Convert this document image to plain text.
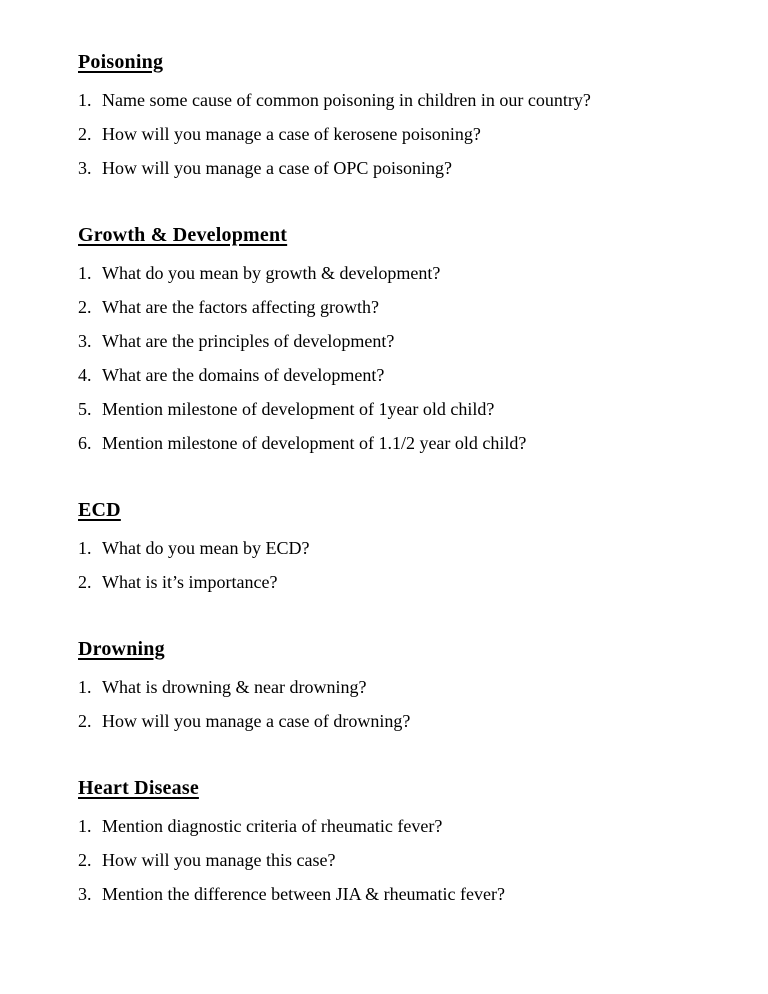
Poisoning
1. Name some cause of common poisoning in children in our country?
2. How will you manage a case of kerosene poisoning?
3. How will you manage a case of OPC poisoning?
Growth & Development
1. What do you mean by growth & development?
2. What are the factors affecting growth?
3. What are the principles of development?
4. What are the domains of development?
5. Mention milestone of development of 1year old child?
6. Mention milestone of development of 1.1/2 year old child?
ECD
1. What do you mean by ECD?
2. What is it’s importance?
Drowning
1. What is drowning & near drowning?
2. How will you manage a case of drowning?
Heart Disease
1. Mention diagnostic criteria of rheumatic fever?
2. How will you manage this case?
3. Mention the difference between JIA & rheumatic fever?
